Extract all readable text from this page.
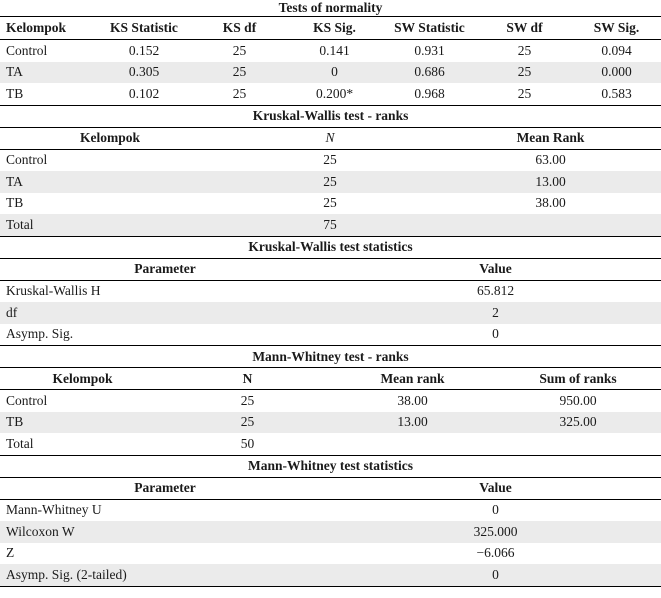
Tests of normality						
Kelompok	KS Statistic	KS df	KS Sig.	SW Statistic	SW df	SW Sig.
Control	0.152	25	0.141	0.931	25	0.094
TA	0.305	25	0	0.686	25	0.000
TB	0.102	25	0.200*	0.968	25	0.583
Kruskal-Wallis test - ranks		
Kelompok	N	Mean Rank
Control	25	63.00
TA	25	13.00
TB	25	38.00
Total	75	
Kruskal-Wallis test statistics	
Parameter	Value
Kruskal-Wallis H	65.812
df	2
Asymp. Sig.	0
Mann-Whitney test - ranks			
Kelompok	N	Mean rank	Sum of ranks
Control	25	38.00	950.00
TB	25	13.00	325.00
Total	50		
Mann-Whitney test statistics	
Parameter	Value
Mann-Whitney U	0
Wilcoxon W	325.000
Z	−6.066
Asymp. Sig. (2-tailed)	0
